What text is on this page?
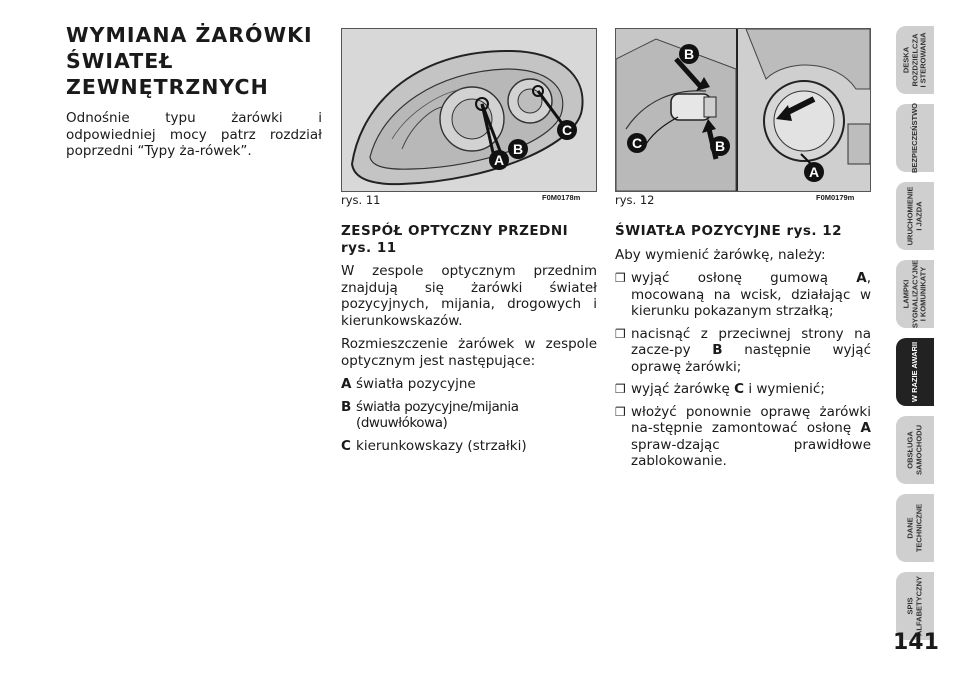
WYMIANA ŻARÓWKI
ŚWIATEŁ
ZEWNĘTRZNYCH

Odnośnie typu żarówki i odpowiedniej mocy patrz rozdział poprzedni “Typy ża-rówek”.

A
B
C
rys. 11	F0M0178m
B
C	B
A
rys. 12	F0M0179m
ZESPÓŁ OPTYCZNY PRZEDNI rys. 11

W zespole optycznym przednim znajdują się żarówki świateł pozycyjnych, mijania, drogowych i kierunkowskazów.

Rozmieszczenie żarówek w zespole optycznym jest następujące:

A światła pozycyjne
B światła pozycyjne/mijania (dwuwłókowa)
C kierunkowskazy (strzałki)
ŚWIATŁA POZYCYJNE rys. 12

Aby wymienić żarówkę, należy:

❒ wyjąć osłonę gumową A, mocowaną na wcisk, działając w kierunku pokazanym strzałką;
❒ nacisnąć z przeciwnej strony na zacze-py B następnie wyjąć oprawę żarówki;
❒ wyjąć żarówkę C i wymienić;
❒ włożyć ponownie oprawę żarówki na-stępnie zamontować osłonę A spraw-dzając prawidłowe zablokowanie.
DESKA
ROZDZIELCZA
I STEROWANIA
BEZPIECZEŃSTWO
URUCHOMIENIE
I JAZDA
LAMPKI
SYGNALIZACYJNE
I KOMUNIKATY
W RAZIE AWARII
OBSŁUGA
SAMOCHODU
DANE
TECHNICZNE
SPIS
ALFABETYCZNY
141
